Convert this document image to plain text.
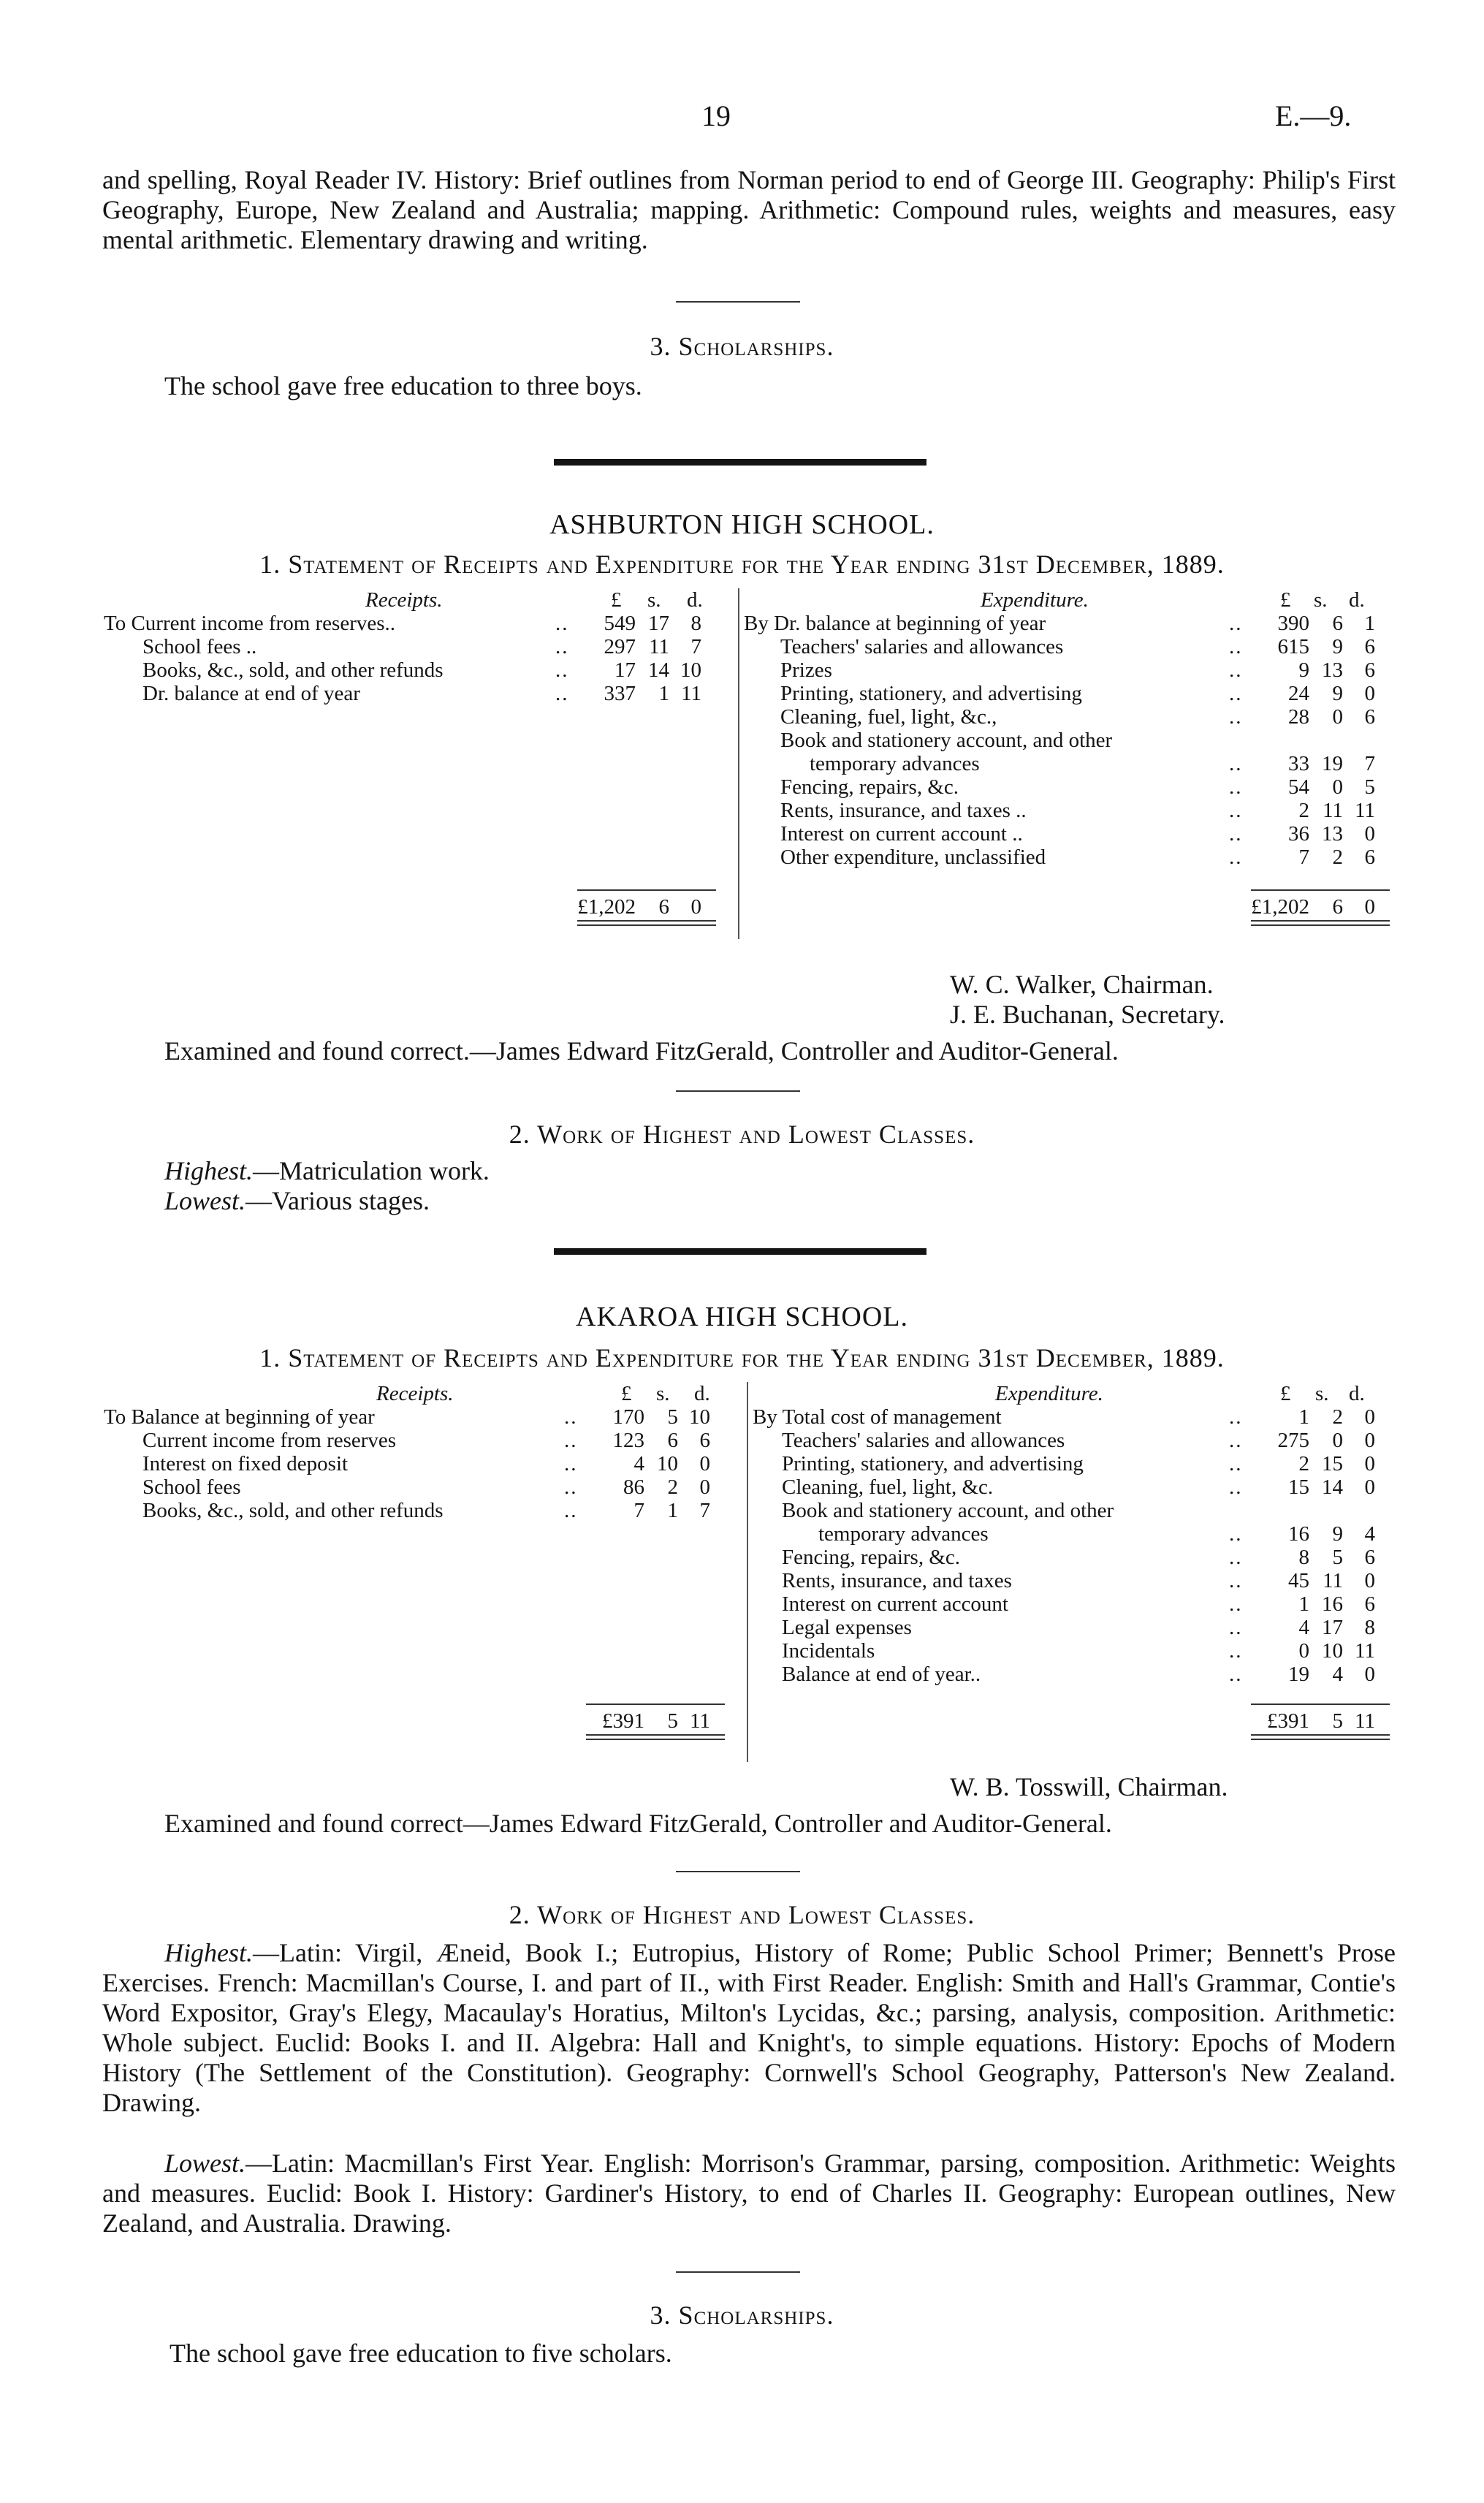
19	E.—9.
and spelling, Royal Reader IV. History: Brief outlines from Norman period to end of George III. Geography: Philip's First Geography, Europe, New Zealand and Australia; mapping. Arithmetic: Compound rules, weights and measures, easy mental arithmetic. Elementary drawing and writing.
3. Scholarships.
The school gave free education to three boys.
ASHBURTON HIGH SCHOOL.
1. Statement of Receipts and Expenditure for the Year ending 31st December, 1889.
Receipts.	£ s. d.	Expenditure.	£ s. d.
To Current income from reserves..	..	549 17 8
School fees ..	..	297 11 7
Books, &c., sold, and other refunds	..	17 14 10
Dr. balance at end of year	..	337 1 11
By Dr. balance at beginning of year	..	390 6 1
Teachers' salaries and allowances	..	615 9 6
Prizes	..	9 13 6
Printing, stationery, and advertising	..	24 9 0
Cleaning, fuel, light, &c.,	..	28 0 6
Book and stationery account, and other
temporary advances	..	33 19 7
Fencing, repairs, &c.	..	54 0 5
Rents, insurance, and taxes ..	..	2 11 11
Interest on current account ..	..	36 13 0
Other expenditure, unclassified	..	7 2 6
£1,202 6 0	£1,202 6 0
W. C. Walker, Chairman.
J. E. Buchanan, Secretary.
Examined and found correct.—James Edward FitzGerald, Controller and Auditor-General.
2. Work of Highest and Lowest Classes.
Highest.—Matriculation work.
Lowest.—Various stages.
AKAROA HIGH SCHOOL.
1. Statement of Receipts and Expenditure for the Year ending 31st December, 1889.
Receipts.	£ s. d.	Expenditure.	£ s. d.
To Balance at beginning of year	..	170 5 10
Current income from reserves	..	123 6 6
Interest on fixed deposit	..	4 10 0
School fees	..	86 2 0
Books, &c., sold, and other refunds	..	7 1 7
By Total cost of management	..	1 2 0
Teachers' salaries and allowances	..	275 0 0
Printing, stationery, and advertising	..	2 15 0
Cleaning, fuel, light, &c.	..	15 14 0
Book and stationery account, and other
temporary advances	..	16 9 4
Fencing, repairs, &c.	..	8 5 6
Rents, insurance, and taxes	..	45 11 0
Interest on current account	..	1 16 6
Legal expenses	..	4 17 8
Incidentals	..	0 10 11
Balance at end of year..	..	19 4 0
£391 5 11	£391 5 11
W. B. Tosswill, Chairman.
Examined and found correct—James Edward FitzGerald, Controller and Auditor-General.
2. Work of Highest and Lowest Classes.
Highest.—Latin: Virgil, Æneid, Book I.; Eutropius, History of Rome; Public School Primer; Bennett's Prose Exercises. French: Macmillan's Course, I. and part of II., with First Reader. English: Smith and Hall's Grammar, Contie's Word Expositor, Gray's Elegy, Macaulay's Horatius, Milton's Lycidas, &c.; parsing, analysis, composition. Arithmetic: Whole subject. Euclid: Books I. and II. Algebra: Hall and Knight's, to simple equations. History: Epochs of Modern History (The Settlement of the Constitution). Geography: Cornwell's School Geography, Patterson's New Zealand. Drawing.
Lowest.—Latin: Macmillan's First Year. English: Morrison's Grammar, parsing, composition. Arithmetic: Weights and measures. Euclid: Book I. History: Gardiner's History, to end of Charles II. Geography: European outlines, New Zealand, and Australia. Drawing.
3. Scholarships.
The school gave free education to five scholars.
